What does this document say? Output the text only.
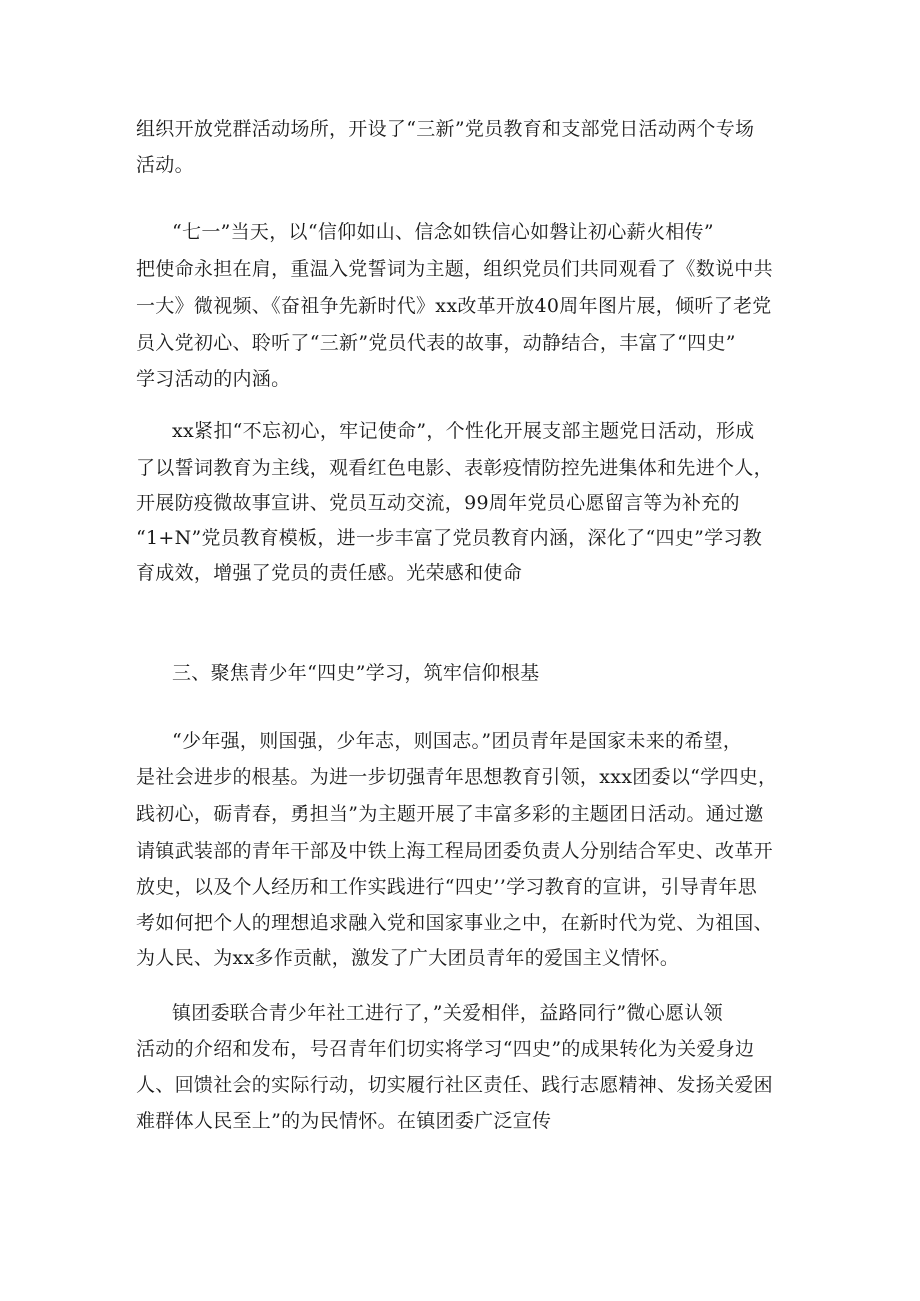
组织开放党群活动场所，开设了“三新”党员教育和支部党日活动两个专场
活动。
“七一”当天，以“信仰如山、信念如铁信心如磐让初心薪火相传”
把使命永担在肩，重温入党誓词为主题，组织党员们共同观看了《数说中共
一大》微视频、《奋祖争先新时代》xx改革开放40周年图片展，倾听了老党
员入党初心、聆听了“三新”党员代表的故事，动静结合，丰富了“四史”
学习活动的内涵。
xx紧扣“不忘初心，牢记使命”，个性化开展支部主题党日活动，形成
了以誓词教育为主线，观看红色电影、表彰疫情防控先进集体和先进个人，
开展防疫微故事宣讲、党员互动交流，99周年党员心愿留言等为补充的
“1+N”党员教育模板，进一步丰富了党员教育内涵，深化了“四史”学习教
育成效，增强了党员的责任感。光荣感和使命
三、聚焦青少年“四史”学习，筑牢信仰根基
“少年强，则国强，少年志，则国志。”团员青年是国家未来的希望，
是社会进步的根基。为进一步切强青年思想教育引领，xxx团委以“学四史，
践初心，砺青春，勇担当”为主题开展了丰富多彩的主题团日活动。通过邀
请镇武装部的青年干部及中铁上海工程局团委负责人分别结合军史、改革开
放史，以及个人经历和工作实践进行“四史’’学习教育的宣讲，引导青年思
考如何把个人的理想追求融入党和国家事业之中，在新时代为党、为祖国、
为人民、为xx多作贡献，激发了广大团员青年的爱国主义情怀。
镇团委联合青少年社工进行了，”关爱相伴，益路同行”微心愿认领
活动的介绍和发布，号召青年们切实将学习“四史”的成果转化为关爱身边
人、回馈社会的实际行动，切实履行社区责任、践行志愿精神、发扬关爱困
难群体人民至上”的为民情怀。在镇团委广泛宣传
